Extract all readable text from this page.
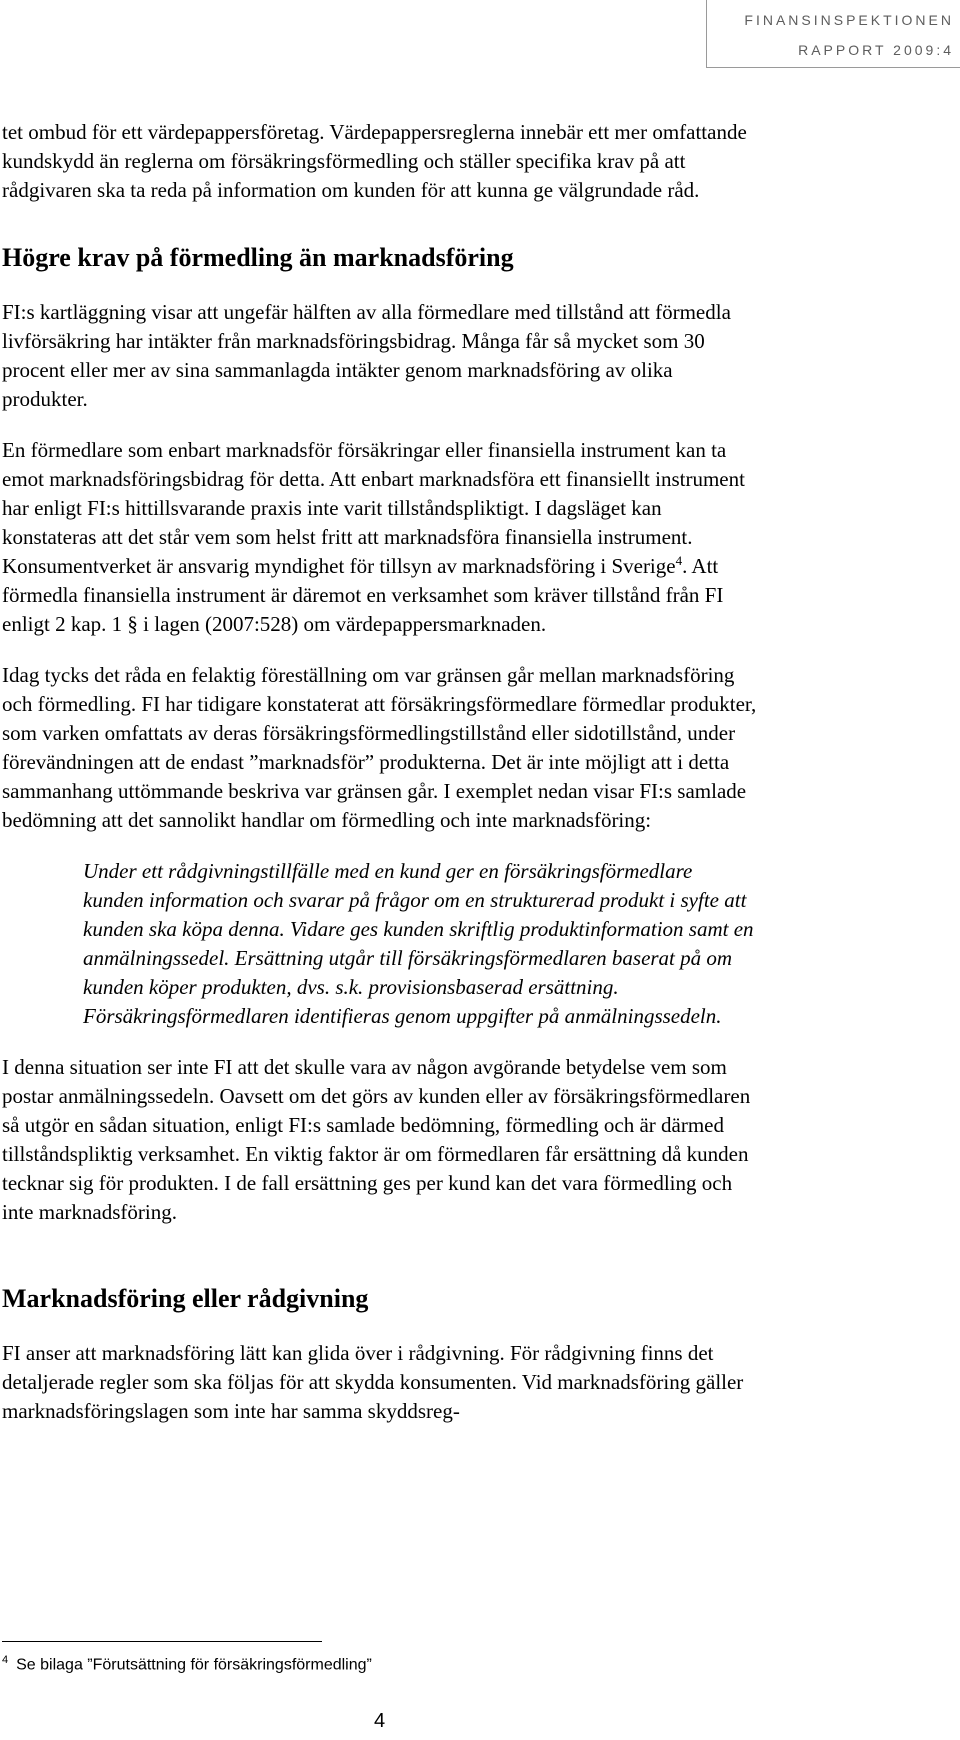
FINANSINSPEKTIONEN
RAPPORT 2009:4

tet ombud för ett värdepappersföretag. Värdepappersreglerna innebär ett mer omfattande kundskydd än reglerna om försäkringsförmedling och ställer specifika krav på att rådgivaren ska ta reda på information om kunden för att kunna ge välgrundade råd.

Högre krav på förmedling än marknadsföring

FI:s kartläggning visar att ungefär hälften av alla förmedlare med tillstånd att förmedla livförsäkring har intäkter från marknadsföringsbidrag. Många får så mycket som 30 procent eller mer av sina sammanlagda intäkter genom marknadsföring av olika produkter.

En förmedlare som enbart marknadsför försäkringar eller finansiella instrument kan ta emot marknadsföringsbidrag för detta. Att enbart marknadsföra ett finansiellt instrument har enligt FI:s hittillsvarande praxis inte varit tillståndspliktigt. I dagsläget kan konstateras att det står vem som helst fritt att marknadsföra finansiella instrument. Konsumentverket är ansvarig myndighet för tillsyn av marknadsföring i Sverige$^4$. Att förmedla finansiella instrument är däremot en verksamhet som kräver tillstånd från FI enligt 2 kap. 1 § i lagen (2007:528) om värdepappersmarknaden.

Idag tycks det råda en felaktig föreställning om var gränsen går mellan marknadsföring och förmedling. FI har tidigare konstaterat att försäkringsförmedlare förmedlar produkter, som varken omfattats av deras försäkringsförmedlingstillstånd eller sidotillstånd, under förevändningen att de endast ”marknadsför” produkterna. Det är inte möjligt att i detta sammanhang uttömmande beskriva var gränsen går. I exemplet nedan visar FI:s samlade bedömning att det sannolikt handlar om förmedling och inte marknadsföring:

Under ett rådgivningstillfälle med en kund ger en försäkringsförmedlare kunden information och svarar på frågor om en strukturerad produkt i syfte att kunden ska köpa denna. Vidare ges kunden skriftlig produktinformation samt en anmälningssedel. Ersättning utgår till försäkringsförmedlaren baserat på om kunden köper produkten, dvs. s.k. provisionsbaserad ersättning. Försäkringsförmedlaren identifieras genom uppgifter på anmälningssedeln.

I denna situation ser inte FI att det skulle vara av någon avgörande betydelse vem som postar anmälningssedeln. Oavsett om det görs av kunden eller av försäkringsförmedlaren så utgör en sådan situation, enligt FI:s samlade bedömning, förmedling och är därmed tillståndspliktig verksamhet. En viktig faktor är om förmedlaren får ersättning då kunden tecknar sig för produkten. I de fall ersättning ges per kund kan det vara förmedling och inte marknadsföring.

Marknadsföring eller rådgivning

FI anser att marknadsföring lätt kan glida över i rådgivning. För rådgivning finns det detaljerade regler som ska följas för att skydda konsumenten. Vid marknadsföring gäller marknadsföringslagen som inte har samma skyddsreg-

$^4$ Se bilaga ”Förutsättning för försäkringsförmedling”
4
